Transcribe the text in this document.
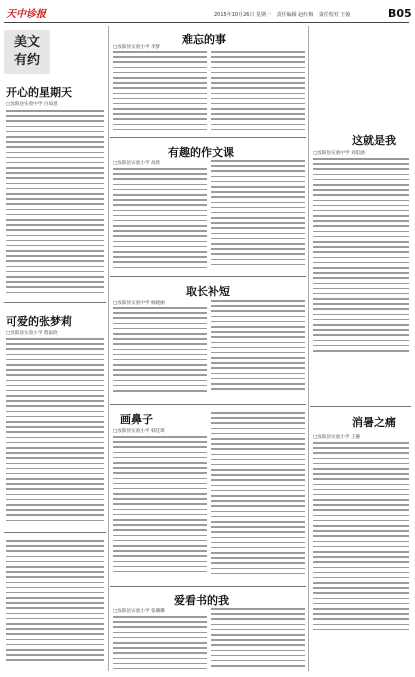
天中诊报	2015年10月26日 星期一 责任编辑 赵红梅 责任校对 王俊	B05
美文
有约
开心的星期天
□汝阳县实验中学 白如意
可爱的张梦莉
□汝阳县实验小学 程雨欣
难忘的事
□汝阳县实验小学 李梦
有趣的作文课
□汝阳县实验小学 高欣
取长补短
□汝阳县实验中学 杨晓丽
画鼻子
□汝阳县实验小学 韩佳琪
爱看书的我
□汝阳县实验小学 张珊珊
这就是我
□汝阳县实验中学 刘思涵
消暑之痛
□汝阳县实验小学 王静
